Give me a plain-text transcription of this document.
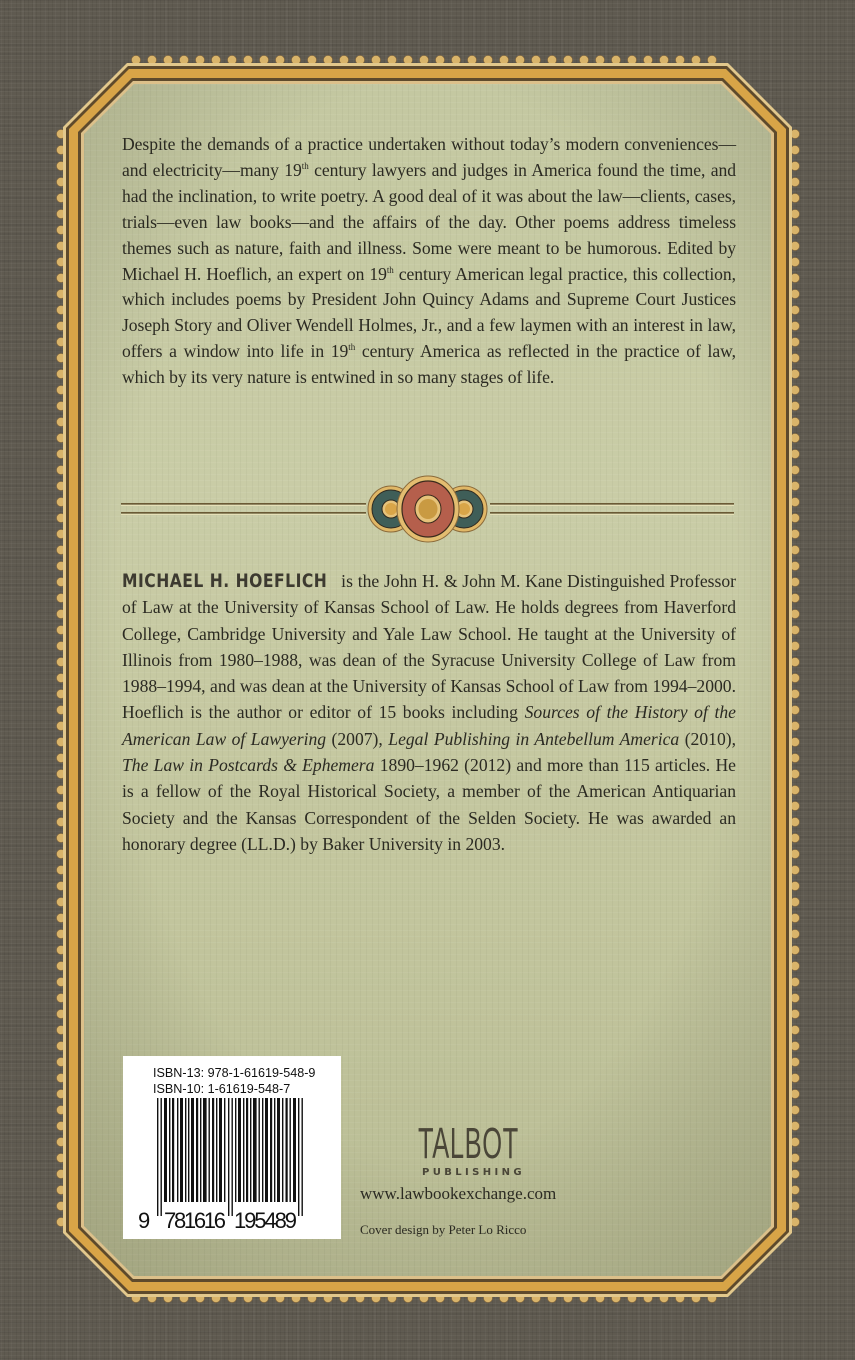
Despite the demands of a practice undertaken without today’s modern conveniences—and electricity—many 19th century lawyers and judges in America found the time, and had the inclination, to write poetry. A good deal of it was about the law—clients, cases, trials—even law books—and the affairs of the day. Other poems address timeless themes such as nature, faith and illness. Some were meant to be humorous. Edited by Michael H. Hoeflich, an expert on 19th century American legal practice, this collection, which includes poems by President John Quincy Adams and Supreme Court Justices Joseph Story and Oliver Wendell Holmes, Jr., and a few laymen with an interest in law, offers a window into life in 19th century America as reflected in the practice of law, which by its very nature is entwined in so many stages of life.
MICHAEL H. HOEFLICH is the John H. & John M. Kane Distinguished Professor of Law at the University of Kansas School of Law. He holds degrees from Haverford College, Cambridge University and Yale Law School. He taught at the University of Illinois from 1980–1988, was dean of the Syracuse University College of Law from 1988–1994, and was dean at the University of Kansas School of Law from 1994–2000. Hoeflich is the author or editor of 15 books including Sources of the History of the American Law of Lawyering (2007), Legal Publishing in Antebellum America (2010), The Law in Postcards & Ephemera 1890–1962 (2012) and more than 115 articles. He is a fellow of the Royal Historical Society, a member of the American Antiquarian Society and the Kansas Correspondent of the Selden Society. He was awarded an honorary degree (LL.D.) by Baker University in 2003.
ISBN-13: 978-1-61619-548-9
ISBN-10: 1-61619-548-7
9 781616 195489
TALBOT
PUBLISHING
www.lawbookexchange.com
Cover design by Peter Lo Ricco
